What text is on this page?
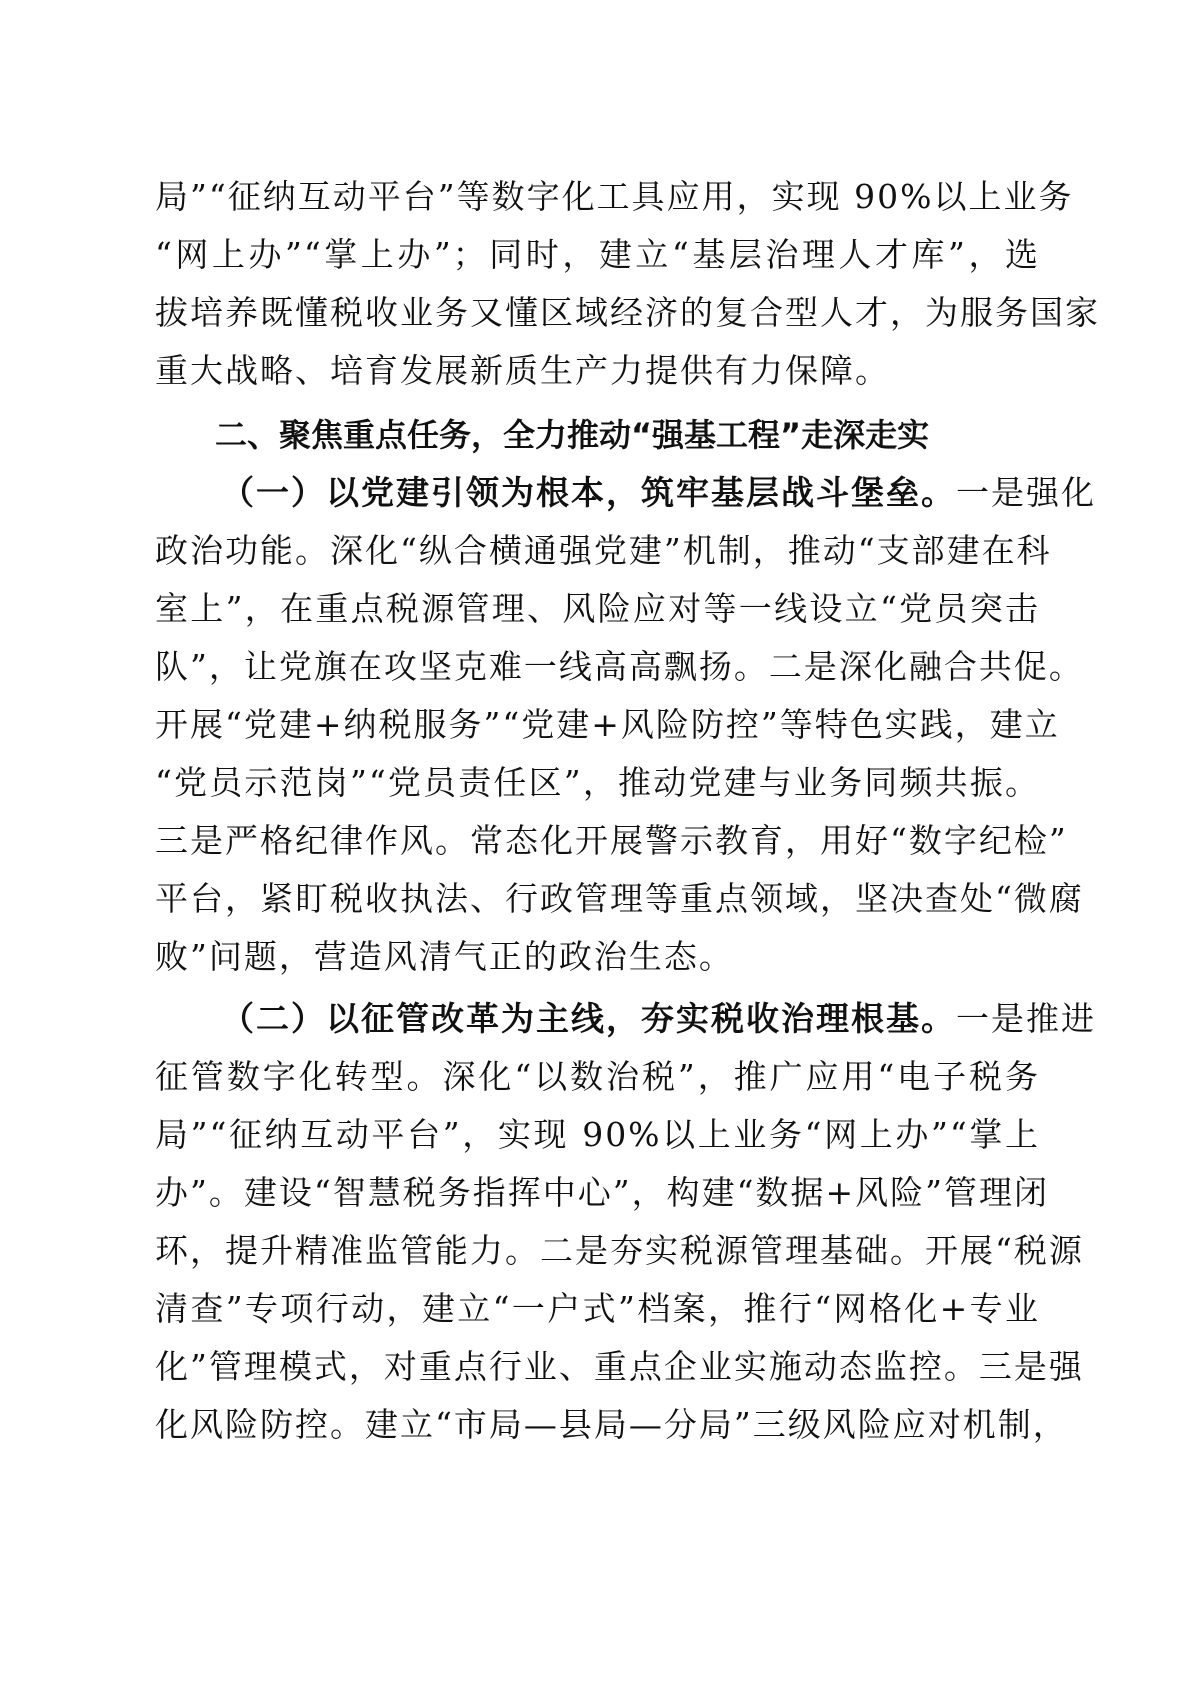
局”“征纳互动平台”等数字化工具应用，实现 90%以上业务
“网上办”“掌上办”；同时，建立“基层治理人才库”，选
拔培养既懂税收业务又懂区域经济的复合型人才，为服务国家
重大战略、培育发展新质生产力提供有力保障。
二、聚焦重点任务，全力推动“强基工程”走深走实
（一）以党建引领为根本，筑牢基层战斗堡垒。一是强化
政治功能。深化“纵合横通强党建”机制，推动“支部建在科
室上”，在重点税源管理、风险应对等一线设立“党员突击
队”，让党旗在攻坚克难一线高高飘扬。二是深化融合共促。
开展“党建+纳税服务”“党建+风险防控”等特色实践，建立
“党员示范岗”“党员责任区”，推动党建与业务同频共振。
三是严格纪律作风。常态化开展警示教育，用好“数字纪检”
平台，紧盯税收执法、行政管理等重点领域，坚决查处“微腐
败”问题，营造风清气正的政治生态。
（二）以征管改革为主线，夯实税收治理根基。一是推进
征管数字化转型。深化“以数治税”，推广应用“电子税务
局”“征纳互动平台”，实现 90%以上业务“网上办”“掌上
办”。建设“智慧税务指挥中心”，构建“数据+风险”管理闭
环，提升精准监管能力。二是夯实税源管理基础。开展“税源
清查”专项行动，建立“一户式”档案，推行“网格化+专业
化”管理模式，对重点行业、重点企业实施动态监控。三是强
化风险防控。建立“市局—县局—分局”三级风险应对机制，
